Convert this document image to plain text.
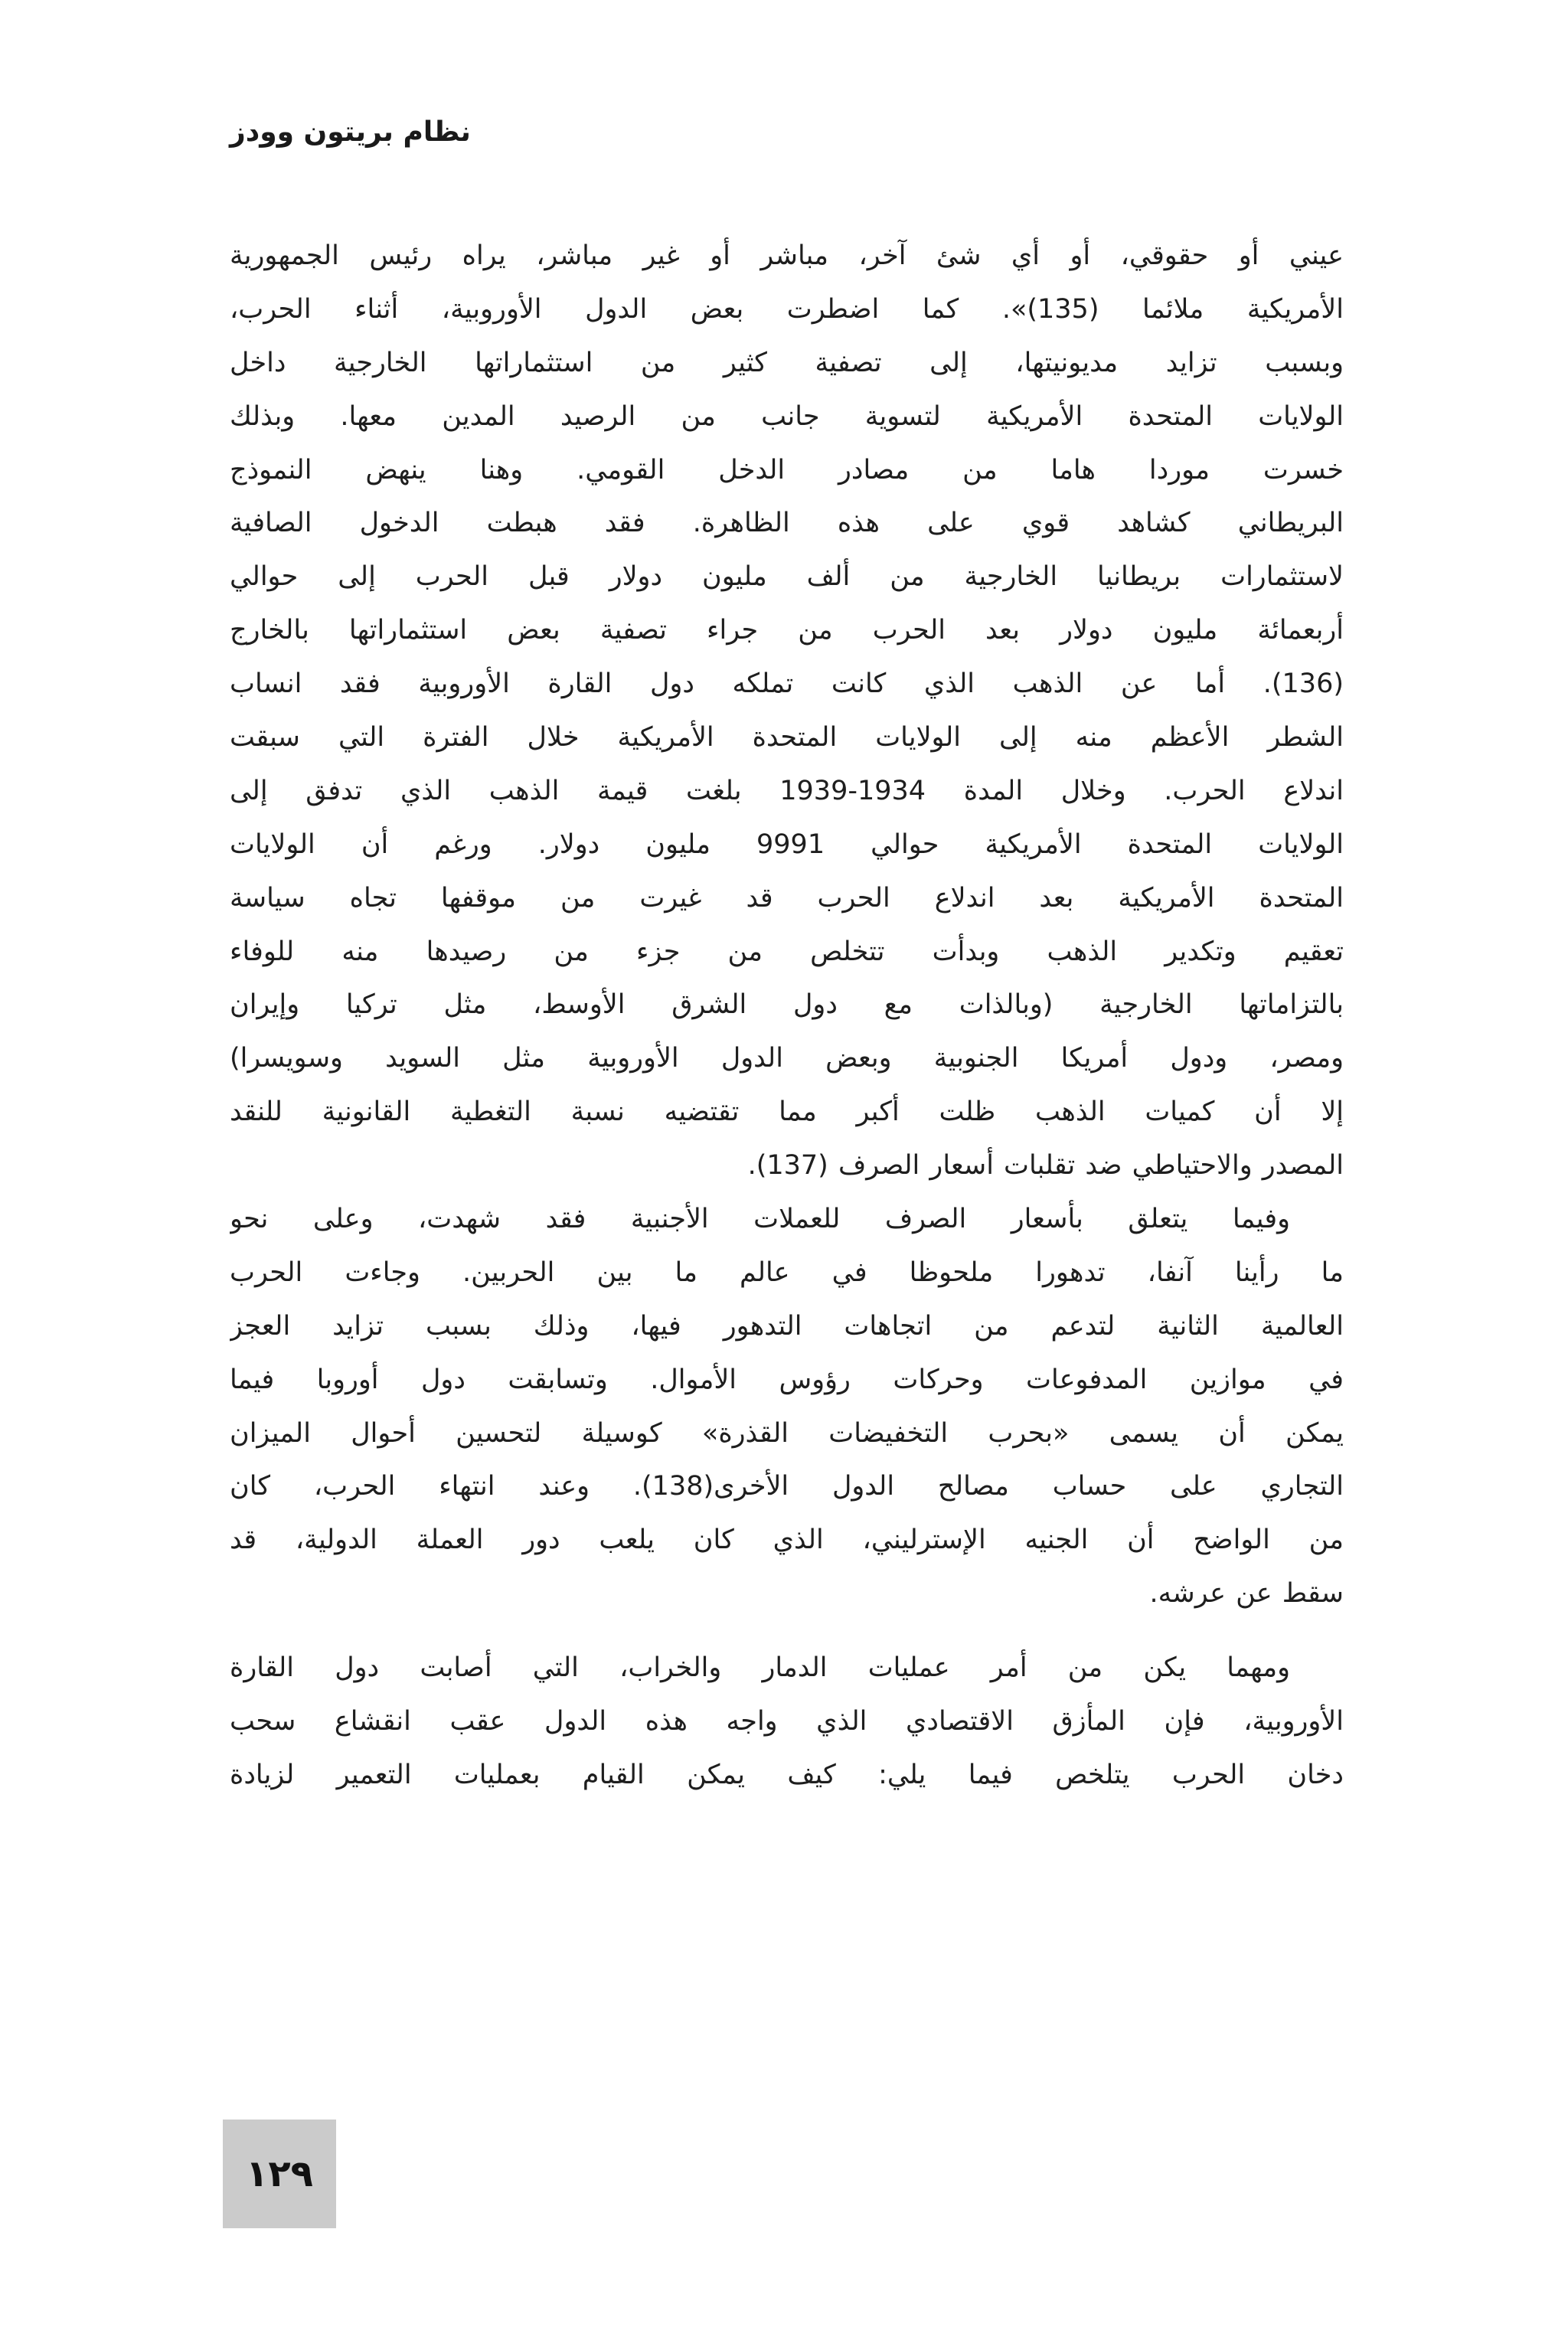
نظام بريتون وودز
عيني أو حقوقي، أو أي شئ آخر، مباشر أو غير مباشر، يراه رئيس الجمهورية
الأمريكية ملائما (135)». كما اضطرت بعض الدول الأوروبية، أثناء الحرب،
وبسبب تزايد مديونيتها، إلى تصفية كثير من استثماراتها الخارجية داخل
الولايات المتحدة الأمريكية لتسوية جانب من الرصيد المدين معها. وبذلك
خسرت موردا هاما من مصادر الدخل القومي. وهنا ينهض النموذج
البريطاني كشاهد قوي على هذه الظاهرة. فقد هبطت الدخول الصافية
لاستثمارات بريطانيا الخارجية من ألف مليون دولار قبل الحرب إلى حوالي
أربعمائة مليون دولار بعد الحرب من جراء تصفية بعض استثماراتها بالخارج
(136). أما عن الذهب الذي كانت تملكه دول القارة الأوروبية فقد انساب
الشطر الأعظم منه إلى الولايات المتحدة الأمريكية خلال الفترة التي سبقت
اندلاع الحرب. وخلال المدة 1934-1939 بلغت قيمة الذهب الذي تدفق إلى
الولايات المتحدة الأمريكية حوالي 9991 مليون دولار. ورغم أن الولايات
المتحدة الأمريكية بعد اندلاع الحرب قد غيرت من موقفها تجاه سياسة
تعقيم وتكدير الذهب وبدأت تتخلص من جزء من رصيدها منه للوفاء
بالتزاماتها الخارجية (وبالذات مع دول الشرق الأوسط، مثل تركيا وإيران
ومصر، ودول أمريكا الجنوبية وبعض الدول الأوروبية مثل السويد وسويسرا)
إلا أن كميات الذهب ظلت أكبر مما تقتضيه نسبة التغطية القانونية للنقد
المصدر والاحتياطي ضد تقلبات أسعار الصرف (137).
وفيما يتعلق بأسعار الصرف للعملات الأجنبية فقد شهدت، وعلى نحو
ما رأينا آنفا، تدهورا ملحوظا في عالم ما بين الحربين. وجاءت الحرب
العالمية الثانية لتدعم من اتجاهات التدهور فيها، وذلك بسبب تزايد العجز
في موازين المدفوعات وحركات رؤوس الأموال. وتسابقت دول أوروبا فيما
يمكن أن يسمى «بحرب التخفيضات القذرة» كوسيلة لتحسين أحوال الميزان
التجاري على حساب مصالح الدول الأخرى(138). وعند انتهاء الحرب، كان
من الواضح أن الجنيه الإسترليني، الذي كان يلعب دور العملة الدولية، قد
سقط عن عرشه.
ومهما يكن من أمر عمليات الدمار والخراب، التي أصابت دول القارة
الأوروبية، فإن المأزق الاقتصادي الذي واجه هذه الدول عقب انقشاع سحب
دخان الحرب يتلخص فيما يلي: كيف يمكن القيام بعمليات التعمير لزيادة
١٢٩
